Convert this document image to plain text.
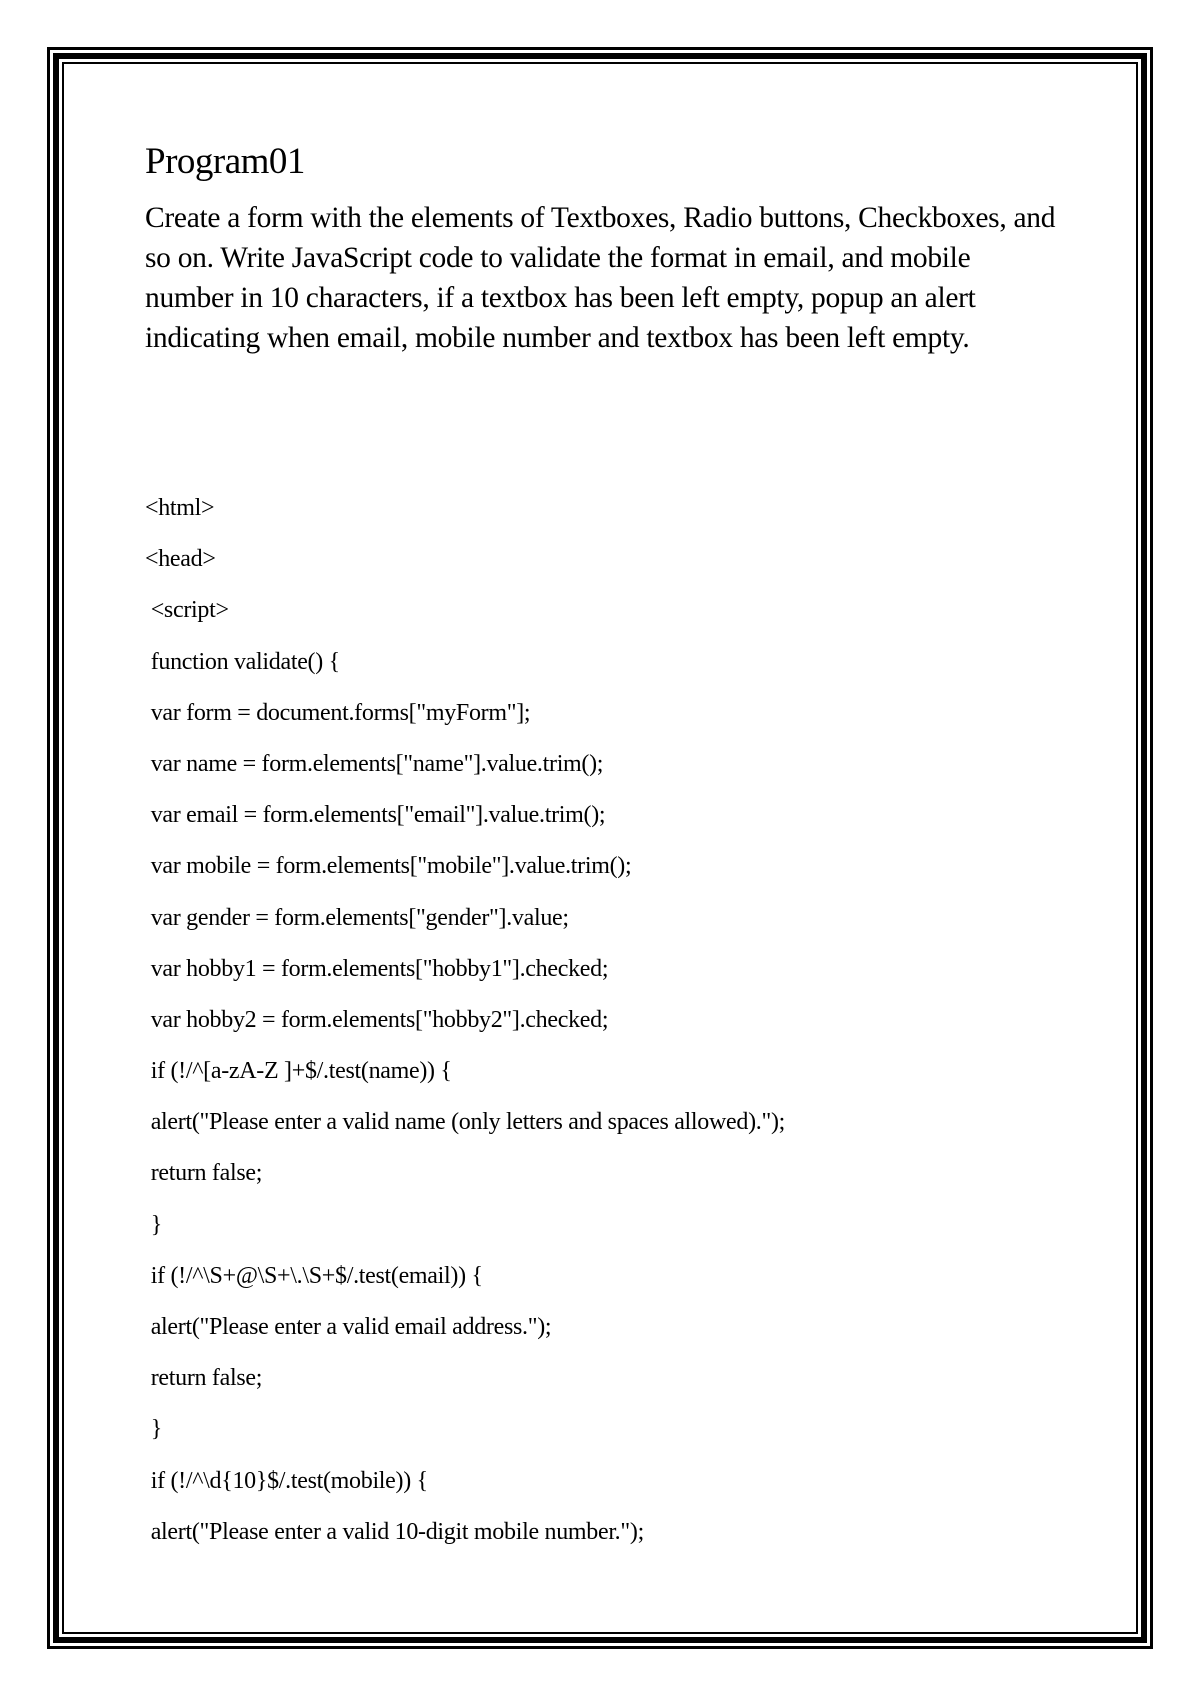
Program01

Create a form with the elements of Textboxes, Radio buttons, Checkboxes, and so on. Write JavaScript code to validate the format in email, and mobile number in 10 characters, if a textbox has been left empty, popup an alert indicating when email, mobile number and textbox has been left empty.

<html>
<head>
<script>
function validate() {
var form = document.forms["myForm"];
var name = form.elements["name"].value.trim();
var email = form.elements["email"].value.trim();
var mobile = form.elements["mobile"].value.trim();
var gender = form.elements["gender"].value;
var hobby1 = form.elements["hobby1"].checked;
var hobby2 = form.elements["hobby2"].checked;
if (!/^[a-zA-Z ]+$/.test(name)) {
alert("Please enter a valid name (only letters and spaces allowed).");
return false;
}
if (!/^\S+@\S+\.\S+$/.test(email)) {
alert("Please enter a valid email address.");
return false;
}
if (!/^\d{10}$/.test(mobile)) {
alert("Please enter a valid 10-digit mobile number.");
